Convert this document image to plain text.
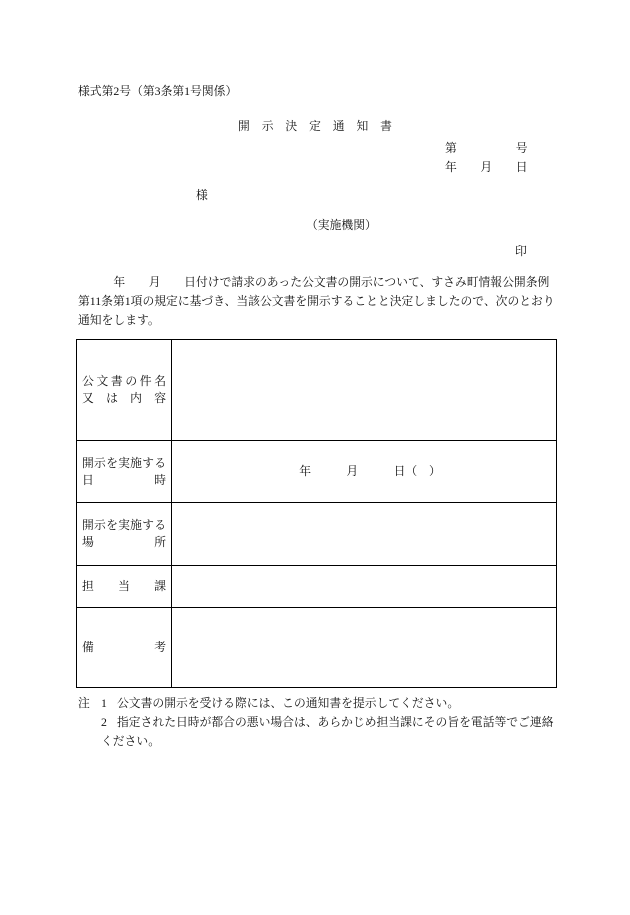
様式第2号（第3条第1号関係）
開示決定通知書
第　　　　　号
年　　月　　日
様
（実施機関）
印
　　　年　　月　　日付けで請求のあった公文書の開示について、すさみ町情報公開条例
第11条第1項の規定に基づき、当該公文書を開示することと決定しましたので、次のとおり
通知をします。
公文書の件名
又は内容
開示を実施する
日時
年　　　月　　　日（　）
開示を実施する
場所
担当課
備考
注 1 公文書の開示を受ける際には、この通知書を提示してください。
2 指定された日時が都合の悪い場合は、あらかじめ担当課にその旨を電話等でご連絡
ください。
